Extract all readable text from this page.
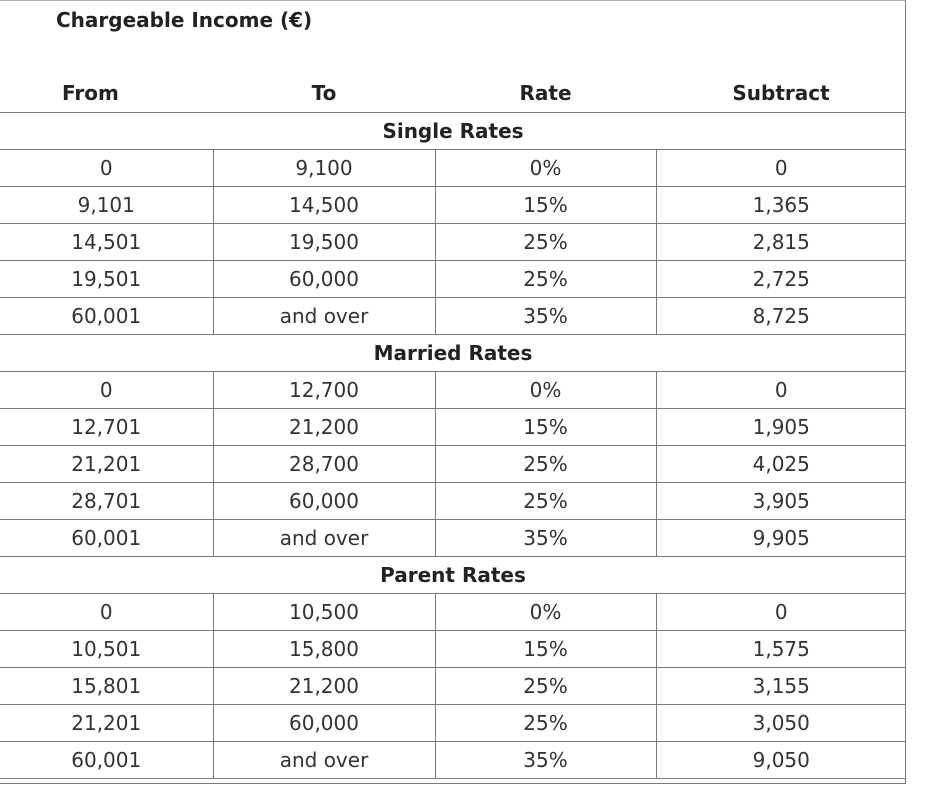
Chargeable Income (€)			
From	To	Rate	Subtract
Single Rates			
0	9,100	0%	0
9,101	14,500	15%	1,365
14,501	19,500	25%	2,815
19,501	60,000	25%	2,725
60,001	and over	35%	8,725
Married Rates			
0	12,700	0%	0
12,701	21,200	15%	1,905
21,201	28,700	25%	4,025
28,701	60,000	25%	3,905
60,001	and over	35%	9,905
Parent Rates			
0	10,500	0%	0
10,501	15,800	15%	1,575
15,801	21,200	25%	3,155
21,201	60,000	25%	3,050
60,001	and over	35%	9,050
